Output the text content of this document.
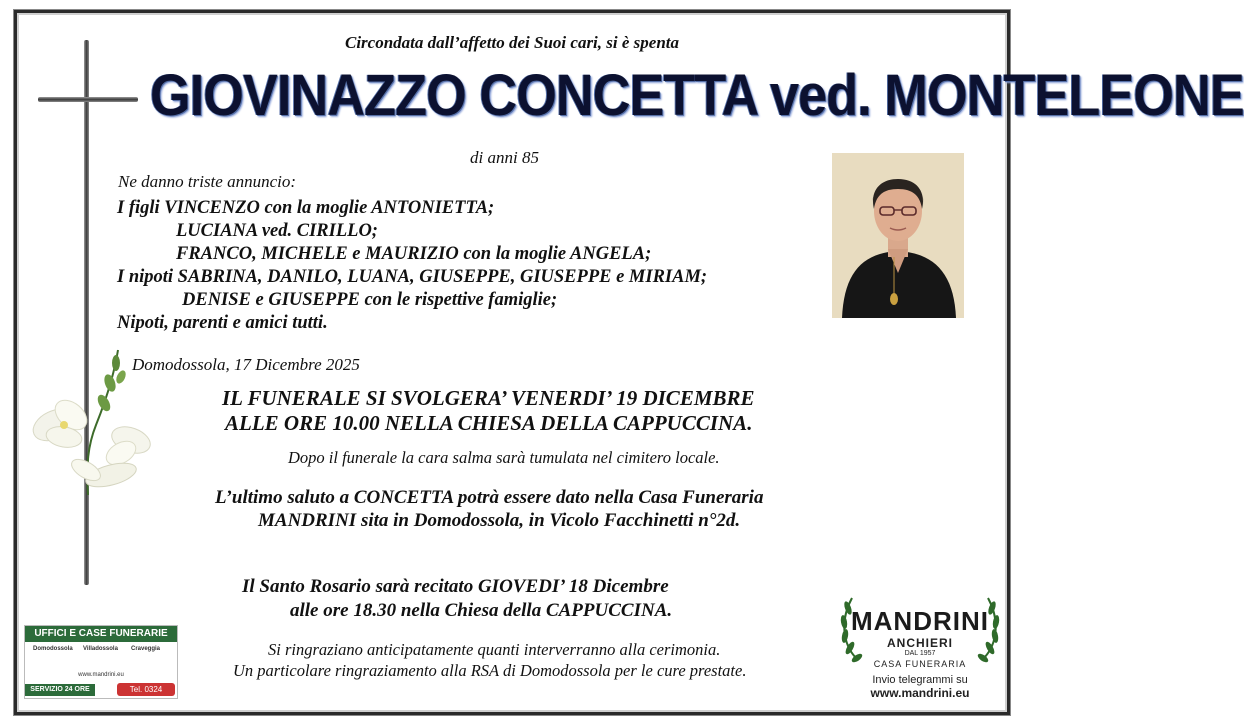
Circondata dall’affetto dei Suoi cari, si è spenta
GIOVINAZZO CONCETTA ved. MONTELEONE
di anni 85
Ne danno triste annuncio:
I figli VINCENZO con la moglie ANTONIETTA;
LUCIANA ved. CIRILLO;
FRANCO, MICHELE e MAURIZIO con la moglie ANGELA;
I nipoti SABRINA, DANILO, LUANA, GIUSEPPE, GIUSEPPE e MIRIAM;
DENISE e GIUSEPPE con le rispettive famiglie;
Nipoti, parenti e amici tutti.
Domodossola, 17 Dicembre 2025
IL FUNERALE SI SVOLGERA’ VENERDI’ 19 DICEMBRE
ALLE ORE 10.00 NELLA CHIESA DELLA CAPPUCCINA.
Dopo il funerale la cara salma sarà tumulata nel cimitero locale.
L’ultimo saluto a CONCETTA potrà essere dato nella Casa Funeraria
MANDRINI sita in Domodossola, in Vicolo Facchinetti n°2d.
Il Santo Rosario sarà recitato GIOVEDI’ 18 Dicembre
alle ore 18.30 nella Chiesa della CAPPUCCINA.
Si ringraziano anticipatamente quanti interverranno alla cerimonia.
Un particolare ringraziamento alla RSA di Domodossola per le cure prestate.
UFFICI E CASE FUNERARIE
Domodossola	Villadossola	Craveggia
www.mandrini.eu
SERVIZIO 24 ORE	Tel. 0324 242549
MANDRINI
ANCHIERI
DAL 1957
CASA FUNERARIA
Invio telegrammi su
www.mandrini.eu
